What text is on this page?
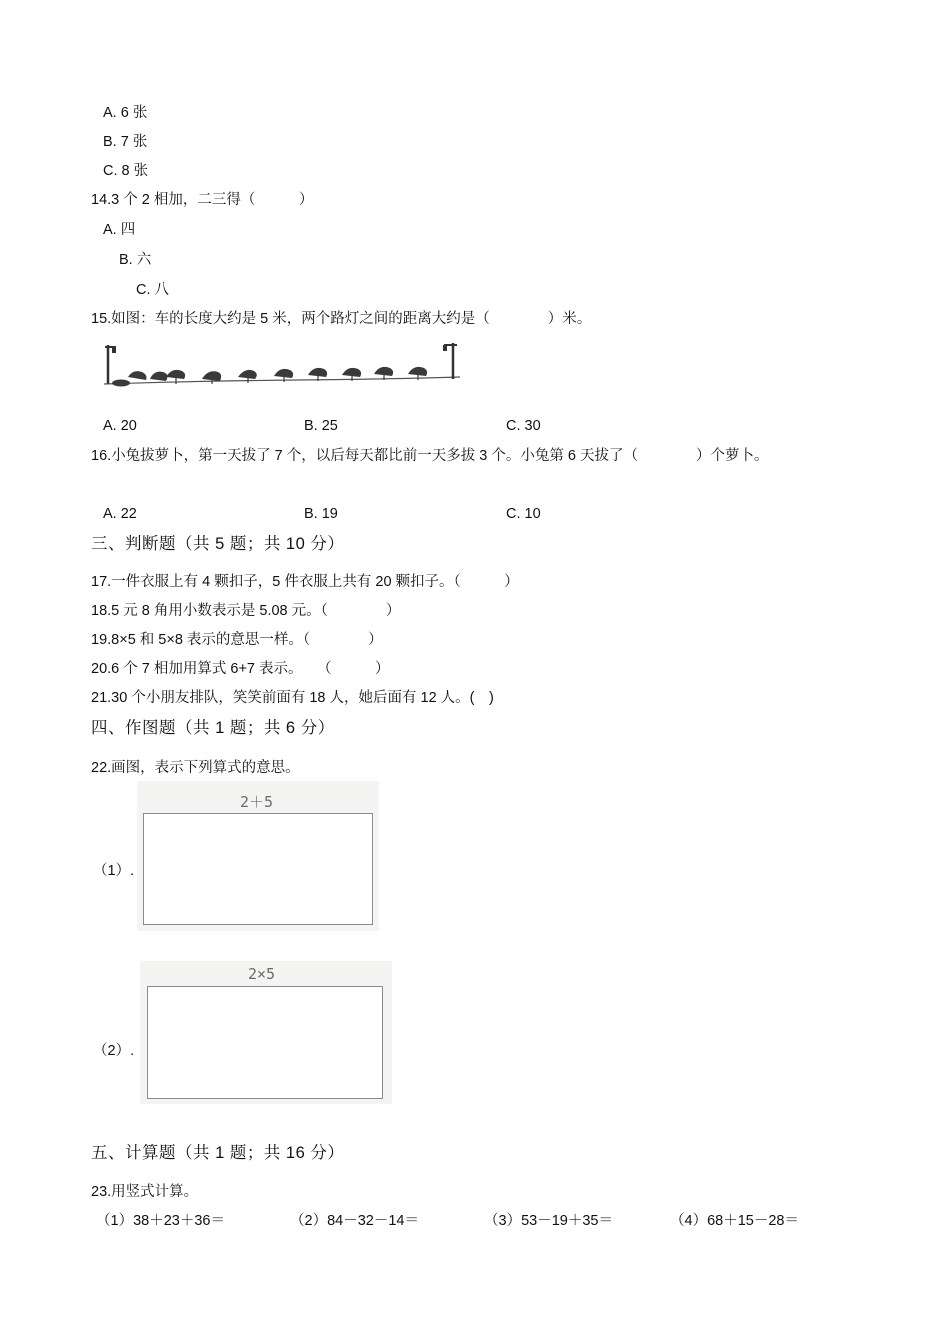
A. 6 张
B. 7 张
C. 8 张
14.3 个 2 相加，二三得（　　　）
A. 四
B. 六
C. 八
15.如图：车的长度大约是 5 米，两个路灯之间的距离大约是（　　　　）米。
A. 20	B. 25	C. 30
16.小兔拔萝卜，第一天拔了 7 个，以后每天都比前一天多拔 3 个。小兔第 6 天拔了（　　　　）个萝卜。
A. 22	B. 19	C. 10
三、判断题（共 5 题；共 10 分）
17.一件衣服上有 4 颗扣子，5 件衣服上共有 20 颗扣子。（　　　）
18.5 元 8 角用小数表示是 5.08 元。（　　　　）
19.8×5 和 5×8 表示的意思一样。（　　　　）
20.6 个 7 相加用算式 6+7 表示。　　（　　　）
21.30 个小朋友排队，笑笑前面有 18 人，她后面有 12 人。(　)
四、作图题（共 1 题；共 6 分）
22.画图，表示下列算式的意思。
2＋5
（1）.
2×5
（2）.
五、计算题（共 1 题；共 16 分）
23.用竖式计算。
（1）38＋23＋36＝	（2）84－32－14＝	（3）53－19＋35＝	（4）68＋15－28＝
